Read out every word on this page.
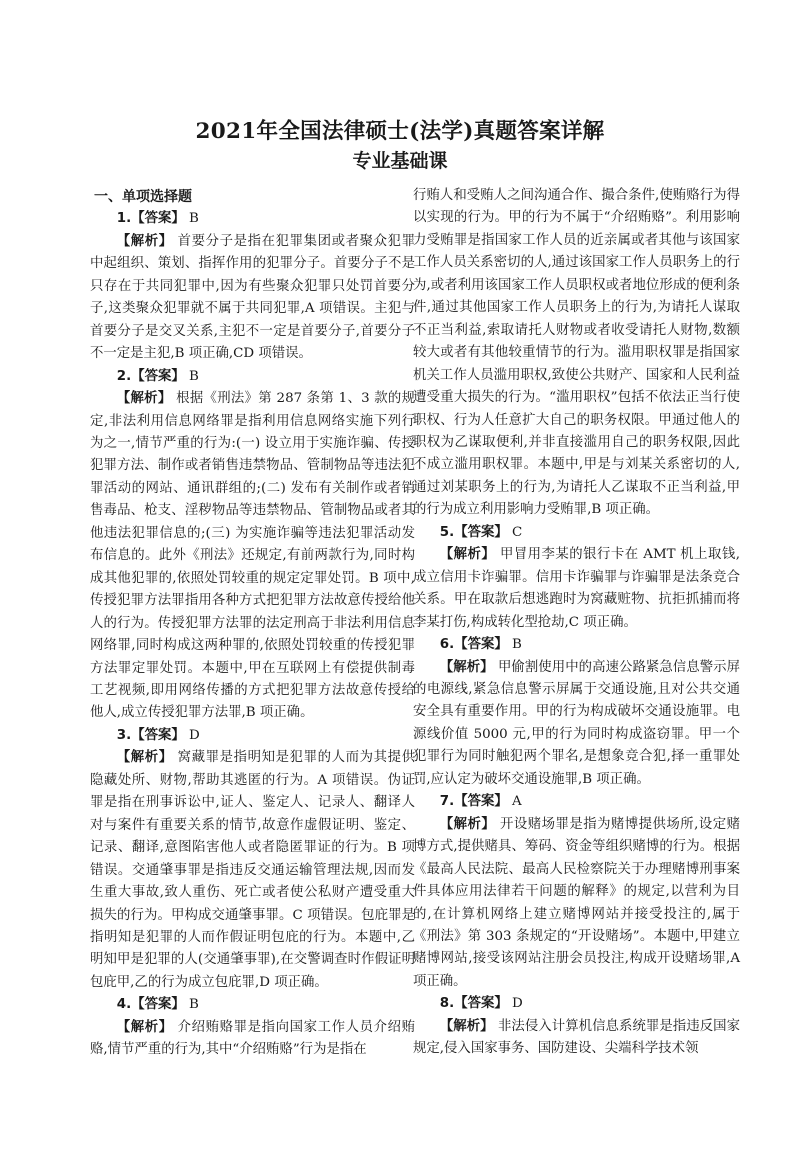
2021年全国法律硕士(法学)真题答案详解
专业基础课
一、单项选择题
1.【答案】 B
【解析】 首要分子是指在犯罪集团或者聚众犯罪中起组织、策划、指挥作用的犯罪分子。首要分子不是只存在于共同犯罪中,因为有些聚众犯罪只处罚首要分子,这类聚众犯罪就不属于共同犯罪,A 项错误。主犯与首要分子是交叉关系,主犯不一定是首要分子,首要分子不一定是主犯,B 项正确,CD 项错误。
2.【答案】 B
【解析】 根据《刑法》第 287 条第 1、3 款的规定,非法利用信息网络罪是指利用信息网络实施下列行为之一,情节严重的行为:(一) 设立用于实施诈骗、传授犯罪方法、制作或者销售违禁物品、管制物品等违法犯罪活动的网站、通讯群组的;(二) 发布有关制作或者销售毒品、枪支、淫秽物品等违禁物品、管制物品或者其他违法犯罪信息的;(三) 为实施诈骗等违法犯罪活动发布信息的。此外《刑法》还规定,有前两款行为,同时构成其他犯罪的,依照处罚较重的规定定罪处罚。B 项中,传授犯罪方法罪指用各种方式把犯罪方法故意传授给他人的行为。传授犯罪方法罪的法定刑高于非法利用信息网络罪,同时构成这两种罪的,依照处罚较重的传授犯罪方法罪定罪处罚。本题中,甲在互联网上有偿提供制毒工艺视频,即用网络传播的方式把犯罪方法故意传授给他人,成立传授犯罪方法罪,B 项正确。
3.【答案】 D
【解析】 窝藏罪是指明知是犯罪的人而为其提供隐藏处所、财物,帮助其逃匿的行为。A 项错误。伪证罪是指在刑事诉讼中,证人、鉴定人、记录人、翻译人对与案件有重要关系的情节,故意作虚假证明、鉴定、记录、翻译,意图陷害他人或者隐匿罪证的行为。B 项错误。交通肇事罪是指违反交通运输管理法规,因而发生重大事故,致人重伤、死亡或者使公私财产遭受重大损失的行为。甲构成交通肇事罪。C 项错误。包庇罪是指明知是犯罪的人而作假证明包庇的行为。本题中,乙明知甲是犯罪的人(交通肇事罪),在交警调查时作假证明包庇甲,乙的行为成立包庇罪,D 项正确。
4.【答案】 B
【解析】 介绍贿赂罪是指向国家工作人员介绍贿赂,情节严重的行为,其中“介绍贿赂”行为是指在
行贿人和受贿人之间沟通合作、撮合条件,使贿赂行为得以实现的行为。甲的行为不属于“介绍贿赂”。利用影响力受贿罪是指国家工作人员的近亲属或者其他与该国家工作人员关系密切的人,通过该国家工作人员职务上的行为,或者利用该国家工作人员职权或者地位形成的便利条件,通过其他国家工作人员职务上的行为,为请托人谋取不正当利益,索取请托人财物或者收受请托人财物,数额较大或者有其他较重情节的行为。滥用职权罪是指国家机关工作人员滥用职权,致使公共财产、国家和人民利益遭受重大损失的行为。“滥用职权”包括不依法正当行使职权、行为人任意扩大自己的职务权限。甲通过他人的职权为乙谋取便利,并非直接滥用自己的职务权限,因此不成立滥用职权罪。本题中,甲是与刘某关系密切的人,通过刘某职务上的行为,为请托人乙谋取不正当利益,甲的行为成立利用影响力受贿罪,B 项正确。
5.【答案】 C
【解析】 甲冒用李某的银行卡在 AMT 机上取钱,成立信用卡诈骗罪。信用卡诈骗罪与诈骗罪是法条竞合关系。甲在取款后想逃跑时为窝藏赃物、抗拒抓捕而将李某打伤,构成转化型抢劫,C 项正确。
6.【答案】 B
【解析】 甲偷割使用中的高速公路紧急信息警示屏的电源线,紧急信息警示屏属于交通设施,且对公共交通安全具有重要作用。甲的行为构成破坏交通设施罪。电源线价值 5000 元,甲的行为同时构成盗窃罪。甲一个犯罪行为同时触犯两个罪名,是想象竞合犯,择一重罪处罚,应认定为破坏交通设施罪,B 项正确。
7.【答案】 A
【解析】 开设赌场罪是指为赌博提供场所,设定赌博方式,提供赌具、筹码、资金等组织赌博的行为。根据《最高人民法院、最高人民检察院关于办理赌博刑事案件具体应用法律若干问题的解释》的规定,以营利为目的,在计算机网络上建立赌博网站并接受投注的,属于《刑法》第 303 条规定的“开设赌场”。本题中,甲建立赌博网站,接受该网站注册会员投注,构成开设赌场罪,A 项正确。
8.【答案】 D
【解析】 非法侵入计算机信息系统罪是指违反国家规定,侵入国家事务、国防建设、尖端科学技术领
